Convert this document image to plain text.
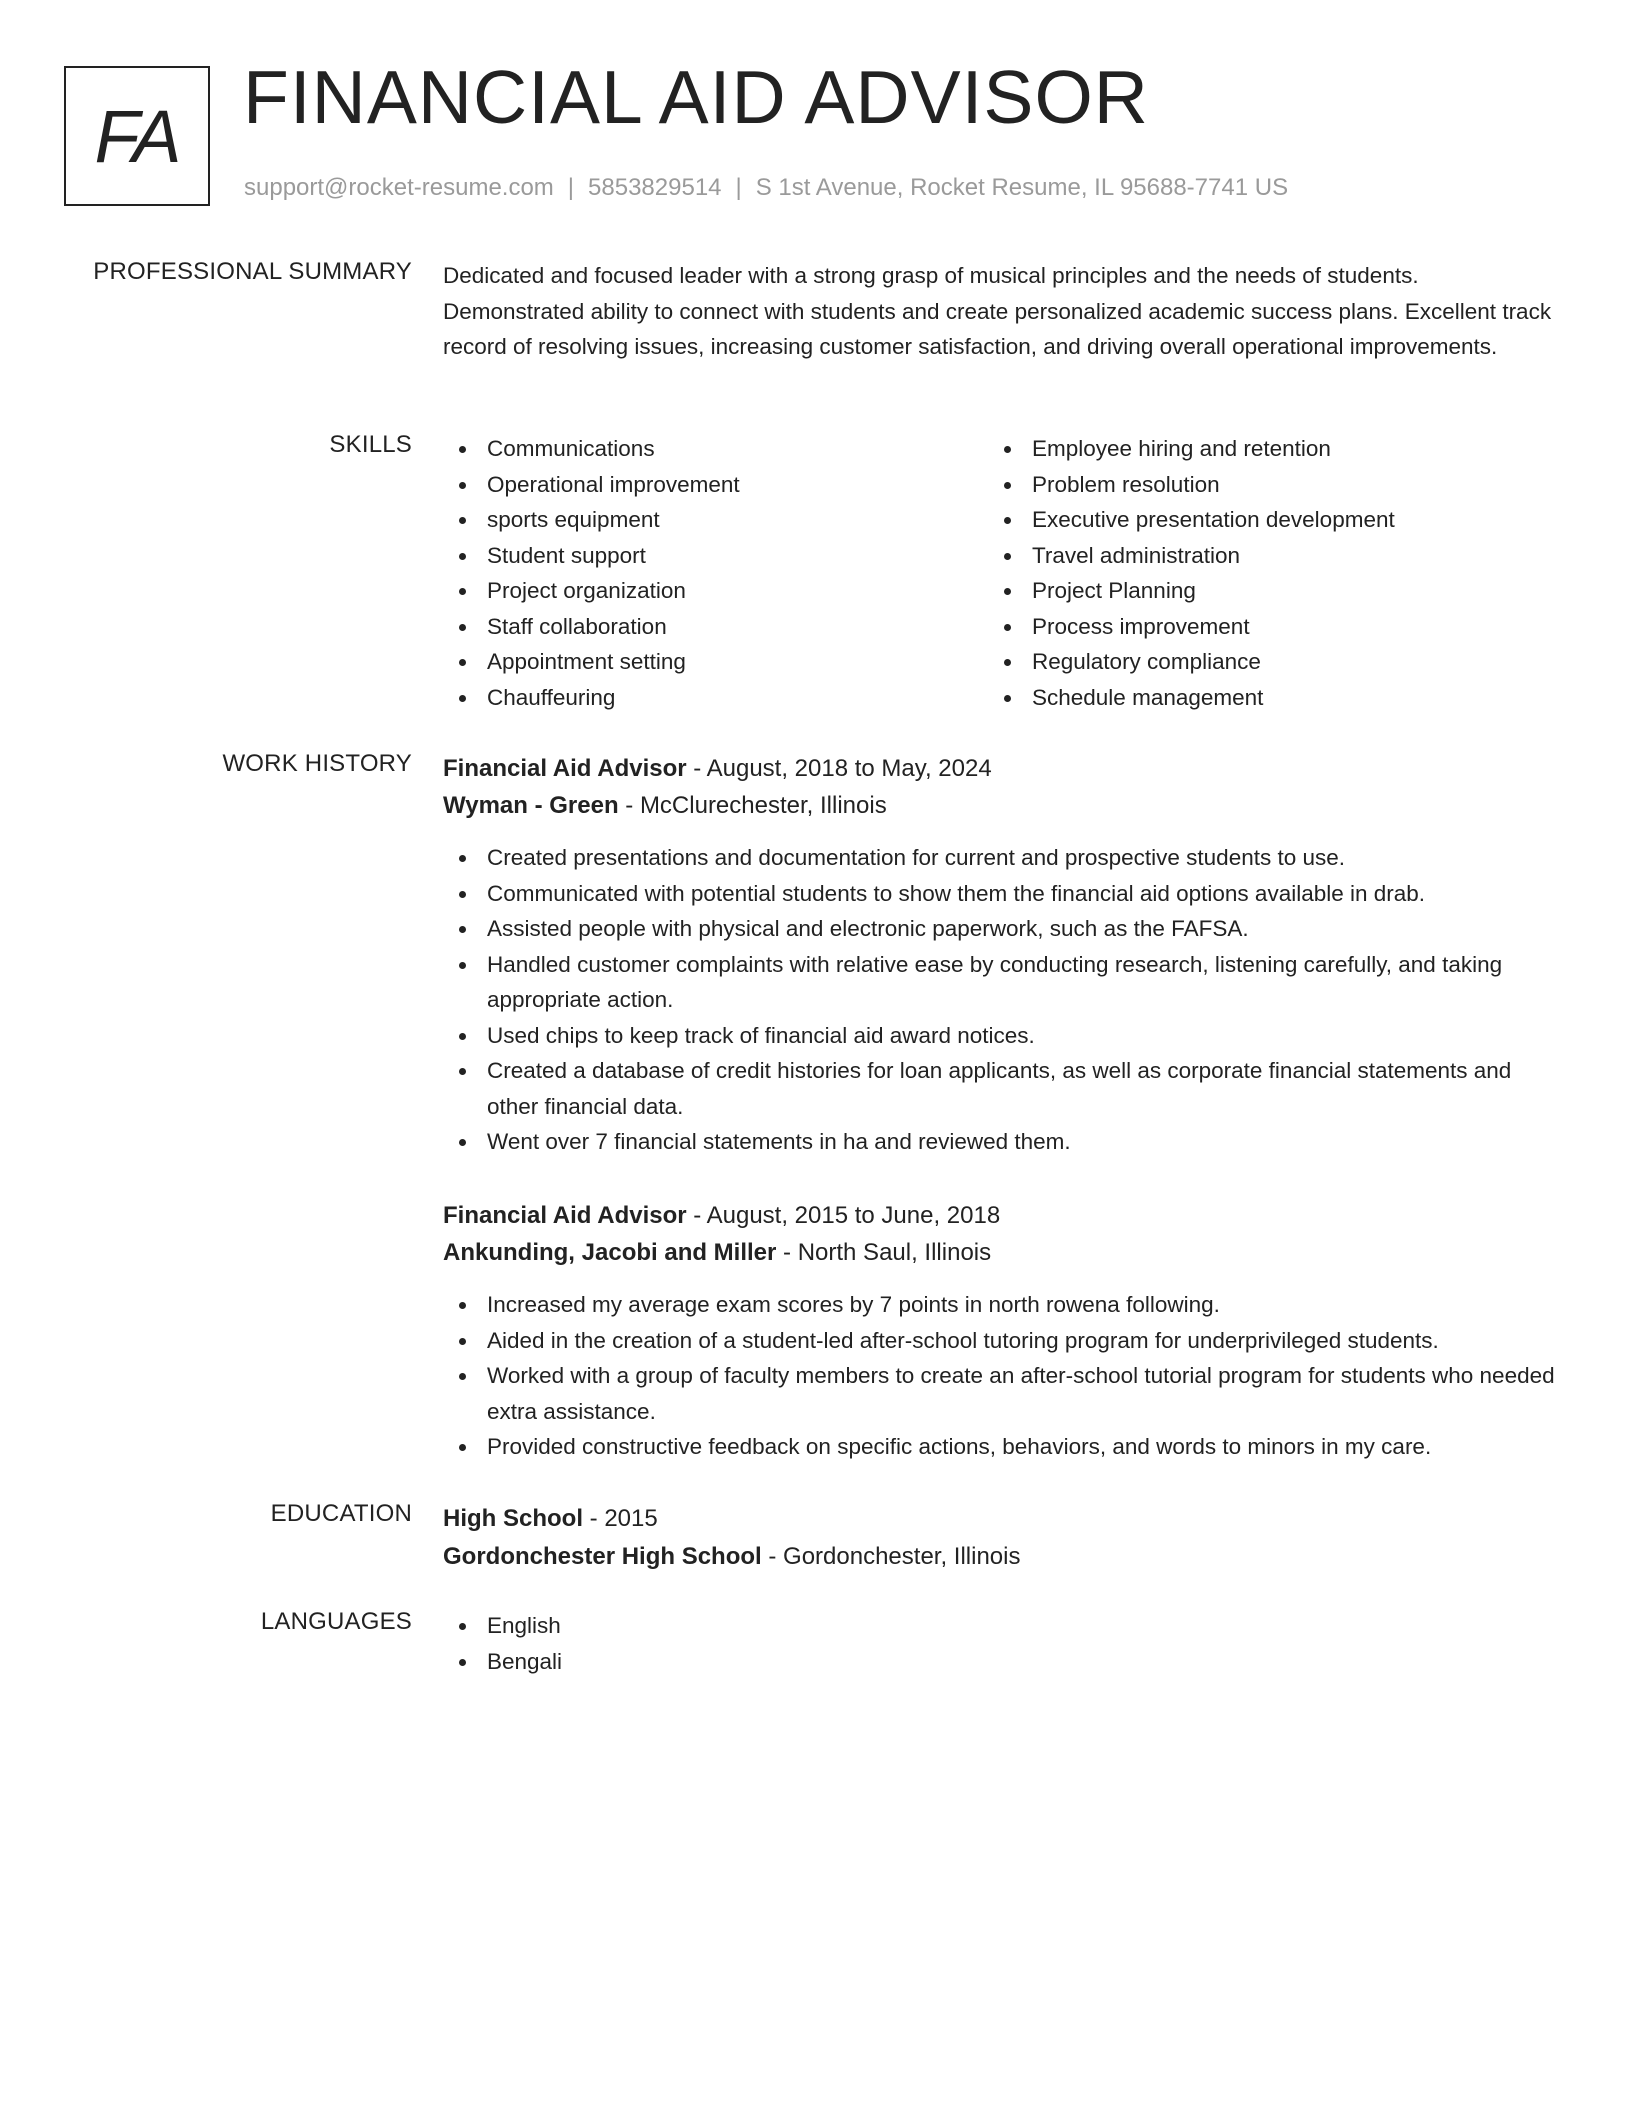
FA FINANCIAL AID ADVISOR
support@rocket-resume.com | 5853829514 | S 1st Avenue, Rocket Resume, IL 95688-7741 US
PROFESSIONAL SUMMARY Dedicated and focused leader with a strong grasp of musical principles and the needs of students. Demonstrated ability to connect with students and create personalized academic success plans. Excellent track record of resolving issues, increasing customer satisfaction, and driving overall operational improvements.

SKILLS	Communications
Operational improvement
sports equipment
Student support
Project organization
Staff collaboration
Appointment setting
Chauffeuring
Employee hiring and retention
Problem resolution
Executive presentation development
Travel administration
Project Planning
Process improvement
Regulatory compliance
Schedule management
WORK HISTORY Financial Aid Advisor - August, 2018 to May, 2024
Wyman - Green - McClurechester, Illinois
Created presentations and documentation for current and prospective students to use.
Communicated with potential students to show them the financial aid options available in drab.
Assisted people with physical and electronic paperwork, such as the FAFSA.
Handled customer complaints with relative ease by conducting research, listening carefully, and taking appropriate action.
Used chips to keep track of financial aid award notices.
Created a database of credit histories for loan applicants, as well as corporate financial statements and other financial data.
Went over 7 financial statements in ha and reviewed them.
Financial Aid Advisor - August, 2015 to June, 2018
Ankunding, Jacobi and Miller - North Saul, Illinois
Increased my average exam scores by 7 points in north rowena following.
Aided in the creation of a student-led after-school tutoring program for underprivileged students.
Worked with a group of faculty members to create an after-school tutorial program for students who needed extra assistance.
Provided constructive feedback on specific actions, behaviors, and words to minors in my care.
EDUCATION High School - 2015
Gordonchester High School - Gordonchester, Illinois
LANGUAGES	English
Bengali
